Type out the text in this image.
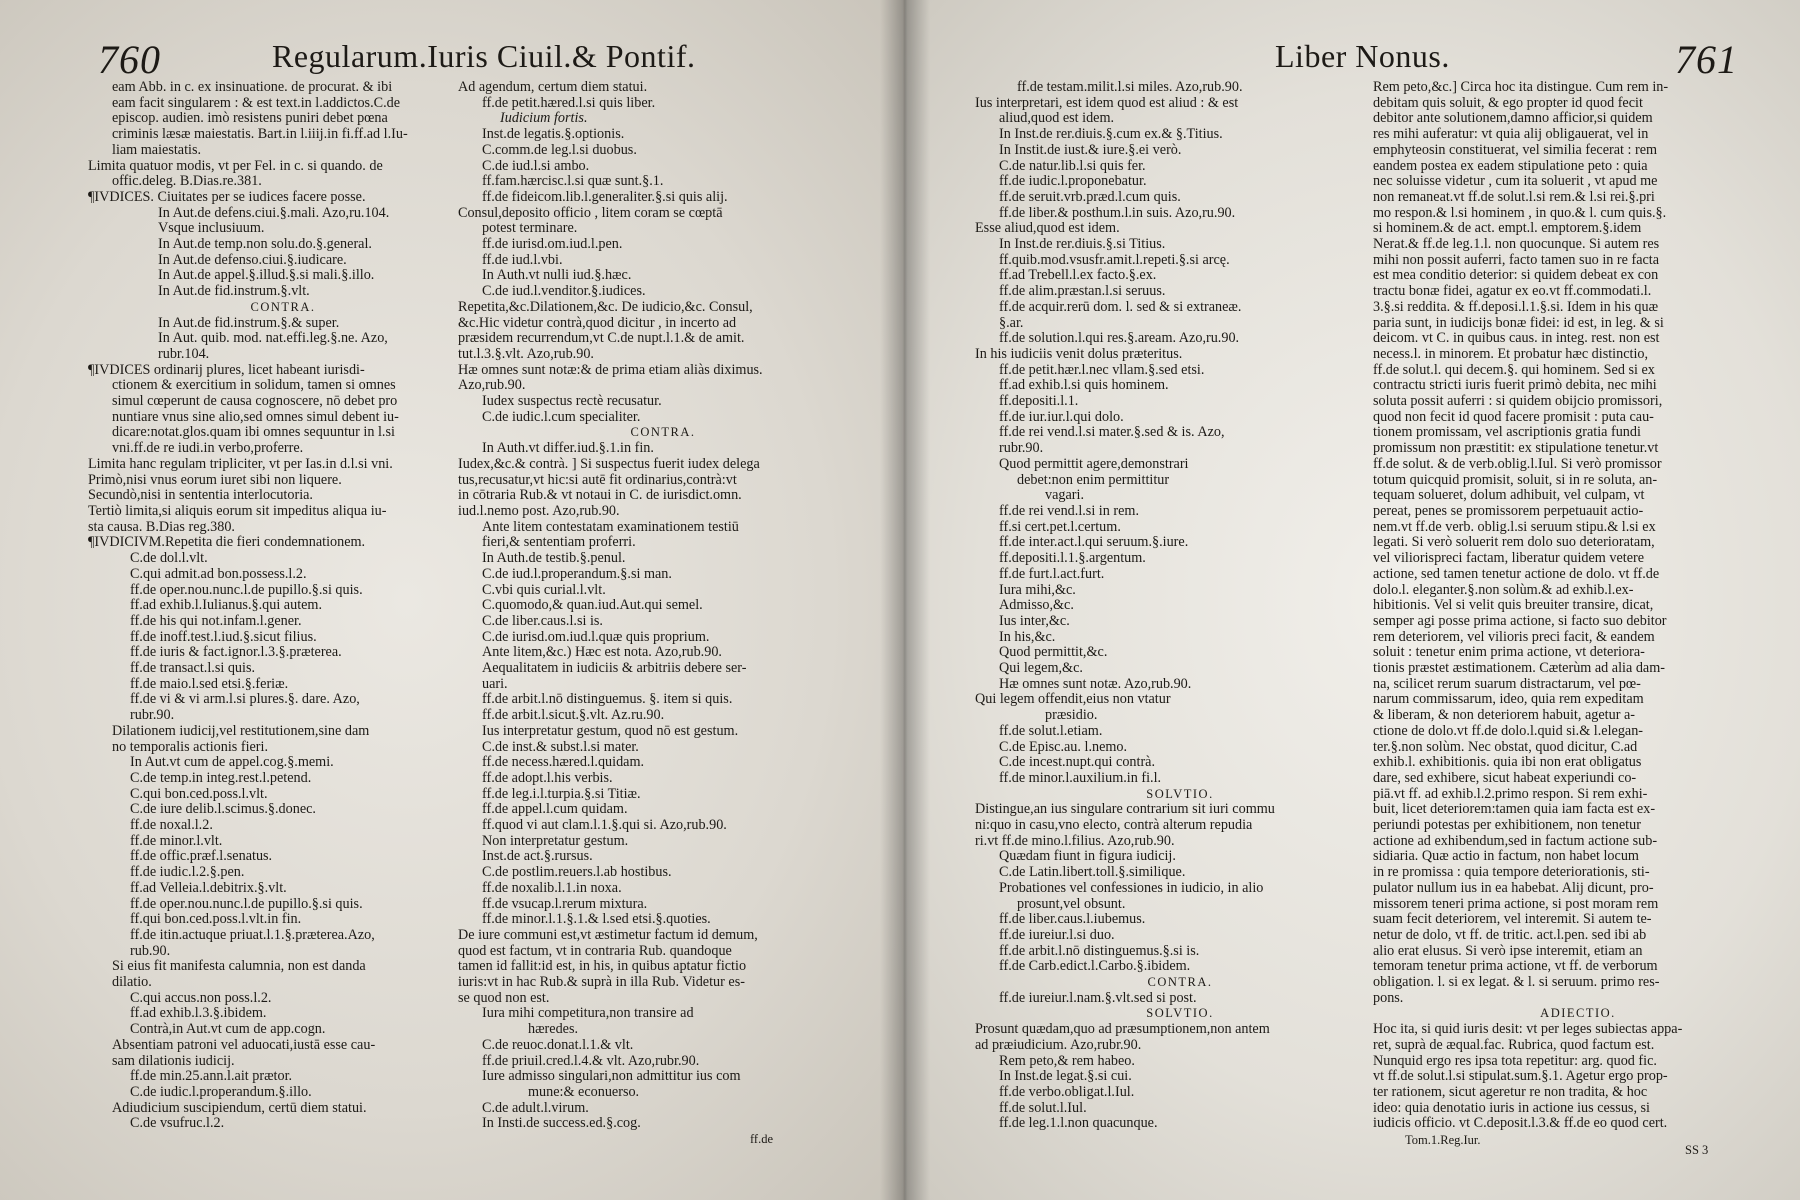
760	Regularum.Iuris Ciuil.& Pontif.
eam Abb. in c. ex insinuatione. de procurat. & ibi
eam facit singularem : & est text.in l.addictos.C.de
episcop. audien. imò resistens puniri debet pœna
criminis læsæ maiestatis. Bart.in l.iiij.in fi.ff.ad l.Iu-
liam maiestatis.
Limita quatuor modis, vt per Fel. in c. si quando. de
offic.deleg. B.Dias.re.381.
¶IVDICES. Ciuitates per se iudices facere posse.
In Aut.de defens.ciui.§.mali. Azo,ru.104.
Vsque inclusiuum.
In Aut.de temp.non solu.do.§.general.
In Aut.de defenso.ciui.§.iudicare.
In Aut.de appel.§.illud.§.si mali.§.illo.
In Aut.de fid.instrum.§.vlt.
CONTRA.
In Aut.de fid.instrum.§.& super.
In Aut. quib. mod. nat.effi.leg.§.ne. Azo,
rubr.104.
¶IVDICES ordinarij plures, licet habeant iurisdi-
ctionem & exercitium in solidum, tamen si omnes
simul cœperunt de causa cognoscere, nō debet pro
nuntiare vnus sine alio,sed omnes simul debent iu-
dicare:notat.glos.quam ibi omnes sequuntur in l.si
vni.ff.de re iudi.in verbo,proferre.
Limita hanc regulam tripliciter, vt per Ias.in d.l.si vni.
Primò,nisi vnus eorum iuret sibi non liquere.
Secundò,nisi in sententia interlocutoria.
Tertiò limita,si aliquis eorum sit impeditus aliqua iu-
sta causa. B.Dias reg.380.
¶IVDICIVM.Repetita die fieri condemnationem.
C.de dol.l.vlt.
C.qui admit.ad bon.possess.l.2.
ff.de oper.nou.nunc.l.de pupillo.§.si quis.
ff.ad exhib.l.Iulianus.§.qui autem.
ff.de his qui not.infam.l.gener.
ff.de inoff.test.l.iud.§.sicut filius.
ff.de iuris & fact.ignor.l.3.§.præterea.
ff.de transact.l.si quis.
ff.de maio.l.sed etsi.§.feriæ.
ff.de vi & vi arm.l.si plures.§. dare. Azo,
rubr.90.
Dilationem iudicij,vel restitutionem,sine dam
no temporalis actionis fieri.
In Aut.vt cum de appel.cog.§.memi.
C.de temp.in integ.rest.l.petend.
C.qui bon.ced.poss.l.vlt.
C.de iure delib.l.scimus.§.donec.
ff.de noxal.l.2.
ff.de minor.l.vlt.
ff.de offic.præf.l.senatus.
ff.de iudic.l.2.§.pen.
ff.ad Velleia.l.debitrix.§.vlt.
ff.de oper.nou.nunc.l.de pupillo.§.si quis.
ff.qui bon.ced.poss.l.vlt.in fin.
ff.de itin.actuque priuat.l.1.§.præterea.Azo,
rub.90.
Si eius fit manifesta calumnia, non est danda
dilatio.
C.qui accus.non poss.l.2.
ff.ad exhib.l.3.§.ibidem.
Contrà,in Aut.vt cum de app.cogn.
Absentiam patroni vel aduocati,iustā esse cau-
sam dilationis iudicij.
ff.de min.25.ann.l.ait prætor.
C.de iudic.l.properandum.§.illo.
Adiudicium suscipiendum, certū diem statui.
C.de vsufruc.l.2.
Ad agendum, certum diem statui.
ff.de petit.hæred.l.si quis liber.
Iudicium fortis.
Inst.de legatis.§.optionis.
C.comm.de leg.l.si duobus.
C.de iud.l.si ambo.
ff.fam.hærcisc.l.si quæ sunt.§.1.
ff.de fideicom.lib.l.generaliter.§.si quis alij.
Consul,deposito officio , litem coram se cœptā
potest terminare.
ff.de iurisd.om.iud.l.pen.
ff.de iud.l.vbi.
In Auth.vt nulli iud.§.hæc.
C.de iud.l.venditor.§.iudices.
Repetita,&c.Dilationem,&c. De iudicio,&c. Consul,
&c.Hic videtur contrà,quod dicitur , in incerto ad
præsidem recurrendum,vt C.de nupt.l.1.& de amit.
tut.l.3.§.vlt. Azo,rub.90.
Hæ omnes sunt notæ:& de prima etiam aliàs diximus.
Azo,rub.90.
Iudex suspectus rectè recusatur.
C.de iudic.l.cum specialiter.
CONTRA.
In Auth.vt differ.iud.§.1.in fin.
Iudex,&c.& contrà. ] Si suspectus fuerit iudex delega
tus,recusatur,vt hic:si autē fit ordinarius,contrà:vt
in cōtraria Rub.& vt notaui in C. de iurisdict.omn.
iud.l.nemo post. Azo,rub.90.
Ante litem contestatam examinationem testiū
fieri,& sententiam proferri.
In Auth.de testib.§.penul.
C.de iud.l.properandum.§.si man.
C.vbi quis curial.l.vlt.
C.quomodo,& quan.iud.Aut.qui semel.
C.de liber.caus.l.si is.
C.de iurisd.om.iud.l.quæ quis proprium.
Ante litem,&c.) Hæc est nota. Azo,rub.90.
Aequalitatem in iudiciis & arbitriis debere ser-
uari.
ff.de arbit.l.nō distinguemus. §. item si quis.
ff.de arbit.l.sicut.§.vlt. Az.ru.90.
Ius interpretatur gestum, quod nō est gestum.
C.de inst.& subst.l.si mater.
ff.de necess.hæred.l.quidam.
ff.de adopt.l.his verbis.
ff.de leg.i.l.turpia.§.si Titiæ.
ff.de appel.l.cum quidam.
ff.quod vi aut clam.l.1.§.qui si. Azo,rub.90.
Non interpretatur gestum.
Inst.de act.§.rursus.
C.de postlim.reuers.l.ab hostibus.
ff.de noxalib.l.1.in noxa.
ff.de vsucap.l.rerum mixtura.
ff.de minor.l.1.§.1.& l.sed etsi.§.quoties.
De iure communi est,vt æstimetur factum id demum,
quod est factum, vt in contraria Rub. quandoque
tamen id fallit:id est, in his, in quibus aptatur fictio
iuris:vt in hac Rub.& suprà in illa Rub. Videtur es-
se quod non est.
Iura mihi competitura,non transire ad
hæredes.
C.de reuoc.donat.l.1.& vlt.
ff.de priuil.cred.l.4.& vlt. Azo,rubr.90.
Iure admisso singulari,non admittitur ius com
mune:& econuerso.
C.de adult.l.virum.
In Insti.de success.ed.§.cog.
ff.de
Liber Nonus.	761
ff.de testam.milit.l.si miles. Azo,rub.90.
Ius interpretari, est idem quod est aliud : & est
aliud,quod est idem.
In Inst.de rer.diuis.§.cum ex.& §.Titius.
In Instit.de iust.& iure.§.ei verò.
C.de natur.lib.l.si quis fer.
ff.de iudic.l.proponebatur.
ff.de seruit.vrb.præd.l.cum quis.
ff.de liber.& posthum.l.in suis. Azo,ru.90.
Esse aliud,quod est idem.
In Inst.de rer.diuis.§.si Titius.
ff.quib.mod.vsusfr.amit.l.repeti.§.si arcę.
ff.ad Trebell.l.ex facto.§.ex.
ff.de alim.præstan.l.si seruus.
ff.de acquir.rerū dom. l. sed & si extraneæ.
§.ar.
ff.de solution.l.qui res.§.aream. Azo,ru.90.
In his iudiciis venit dolus præteritus.
ff.de petit.hær.l.nec vllam.§.sed etsi.
ff.ad exhib.l.si quis hominem.
ff.depositi.l.1.
ff.de iur.iur.l.qui dolo.
ff.de rei vend.l.si mater.§.sed & is. Azo,
rubr.90.
Quod permittit agere,demonstrari
debet:non enim permittitur
vagari.
ff.de rei vend.l.si in rem.
ff.si cert.pet.l.certum.
ff.de inter.act.l.qui seruum.§.iure.
ff.depositi.l.1.§.argentum.
ff.de furt.l.act.furt.
Iura mihi,&c.
Admisso,&c.
Ius inter,&c.
In his,&c.
Quod permittit,&c.
Qui legem,&c.
Hæ omnes sunt notæ. Azo,rub.90.
Qui legem offendit,eius non vtatur
præsidio.
ff.de solut.l.etiam.
C.de Episc.au. l.nemo.
C.de incest.nupt.qui contrà.
ff.de minor.l.auxilium.in fi.l.
SOLVTIO.
Distingue,an ius singulare contrarium sit iuri commu
ni:quo in casu,vno electo, contrà alterum repudia
ri.vt ff.de mino.l.filius. Azo,rub.90.
Quædam fiunt in figura iudicij.
C.de Latin.libert.toll.§.similique.
Probationes vel confessiones in iudicio, in alio
prosunt,vel obsunt.
ff.de liber.caus.l.iubemus.
ff.de iureiur.l.si duo.
ff.de arbit.l.nō distinguemus.§.si is.
ff.de Carb.edict.l.Carbo.§.ibidem.
CONTRA.
ff.de iureiur.l.nam.§.vlt.sed si post.
SOLVTIO.
Prosunt quædam,quo ad præsumptionem,non antem
ad præiudicium. Azo,rubr.90.
Rem peto,& rem habeo.
In Inst.de legat.§.si cui.
ff.de verbo.obligat.l.Iul.
ff.de solut.l.Iul.
ff.de leg.1.l.non quacunque.
Rem peto,&c.] Circa hoc ita distingue. Cum rem in-
debitam quis soluit, & ego propter id quod fecit
debitor ante solutionem,damno afficior,si quidem
res mihi auferatur: vt quia alij obligauerat, vel in
emphyteosin constituerat, vel similia fecerat : rem
eandem postea ex eadem stipulatione peto : quia
nec soluisse videtur , cum ita soluerit , vt apud me
non remaneat.vt ff.de solut.l.si rem.& l.si rei.§.pri
mo respon.& l.si hominem , in quo.& l. cum quis.§.
si hominem.& de act. empt.l. emptorem.§.idem
Nerat.& ff.de leg.1.l. non quocunque. Si autem res
mihi non possit auferri, facto tamen suo in re facta
est mea conditio deterior: si quidem debeat ex con
tractu bonæ fidei, agatur ex eo.vt ff.commodati.l.
3.§.si reddita. & ff.deposi.l.1.§.si. Idem in his quæ
paria sunt, in iudicijs bonæ fidei: id est, in leg. & si
deicom. vt C. in quibus caus. in integ. rest. non est
necess.l. in minorem. Et probatur hæc distinctio,
ff.de solut.l. qui decem.§. qui hominem. Sed si ex
contractu stricti iuris fuerit primò debita, nec mihi
soluta possit auferri : si quidem obijcio promissori,
quod non fecit id quod facere promisit : puta cau-
tionem promissam, vel ascriptionis gratia fundi
promissum non præstitit: ex stipulatione tenetur.vt
ff.de solut. & de verb.oblig.l.Iul. Si verò promissor
totum quicquid promisit, soluit, si in re soluta, an-
tequam solueret, dolum adhibuit, vel culpam, vt
pereat, penes se promissorem perpetuauit actio-
nem.vt ff.de verb. oblig.l.si seruum stipu.& l.si ex
legati. Si verò soluerit rem dolo suo deterioratam,
vel viliorispreci factam, liberatur quidem vetere
actione, sed tamen tenetur actione de dolo. vt ff.de
dolo.l. eleganter.§.non solùm.& ad exhib.l.ex-
hibitionis. Vel si velit quis breuiter transire, dicat,
semper agi posse prima actione, si facto suo debitor
rem deteriorem, vel vilioris preci facit, & eandem
soluit : tenetur enim prima actione, vt deteriora-
tionis præstet æstimationem. Cæterùm ad alia dam-
na, scilicet rerum suarum distractarum, vel pœ-
narum commissarum, ideo, quia rem expeditam
& liberam, & non deteriorem habuit, agetur a-
ctione de dolo.vt ff.de dolo.l.quid si.& l.elegan-
ter.§.non solùm. Nec obstat, quod dicitur, C.ad
exhib.l. exhibitionis. quia ibi non erat obligatus
dare, sed exhibere, sicut habeat experiundi co-
piā.vt ff. ad exhib.l.2.primo respon. Si rem exhi-
buit, licet deteriorem:tamen quia iam facta est ex-
periundi potestas per exhibitionem, non tenetur
actione ad exhibendum,sed in factum actione sub-
sidiaria. Quæ actio in factum, non habet locum
in re promissa : quia tempore deteriorationis, sti-
pulator nullum ius in ea habebat. Alij dicunt, pro-
missorem teneri prima actione, si post moram rem
suam fecit deteriorem, vel interemit. Si autem te-
netur de dolo, vt ff. de tritic. act.l.pen. sed ibi ab
alio erat elusus. Si verò ipse interemit, etiam an
temoram tenetur prima actione, vt ff. de verborum
obligation. l. si ex legat. & l. si seruum. primo res-
pons.
ADIECTIO.
Hoc ita, si quid iuris desit: vt per leges subiectas appa-
ret, suprà de æqual.fac. Rubrica, quod factum est.
Nunquid ergo res ipsa tota repetitur: arg. quod fic.
vt ff.de solut.l.si stipulat.sum.§.1. Agetur ergo prop-
ter rationem, sicut ageretur re non tradita, & hoc
ideo: quia denotatio iuris in actione ius cessus, si
iudicis officio. vt C.deposit.l.3.& ff.de eo quod cert.
Tom.1.Reg.Iur.
SS 3
